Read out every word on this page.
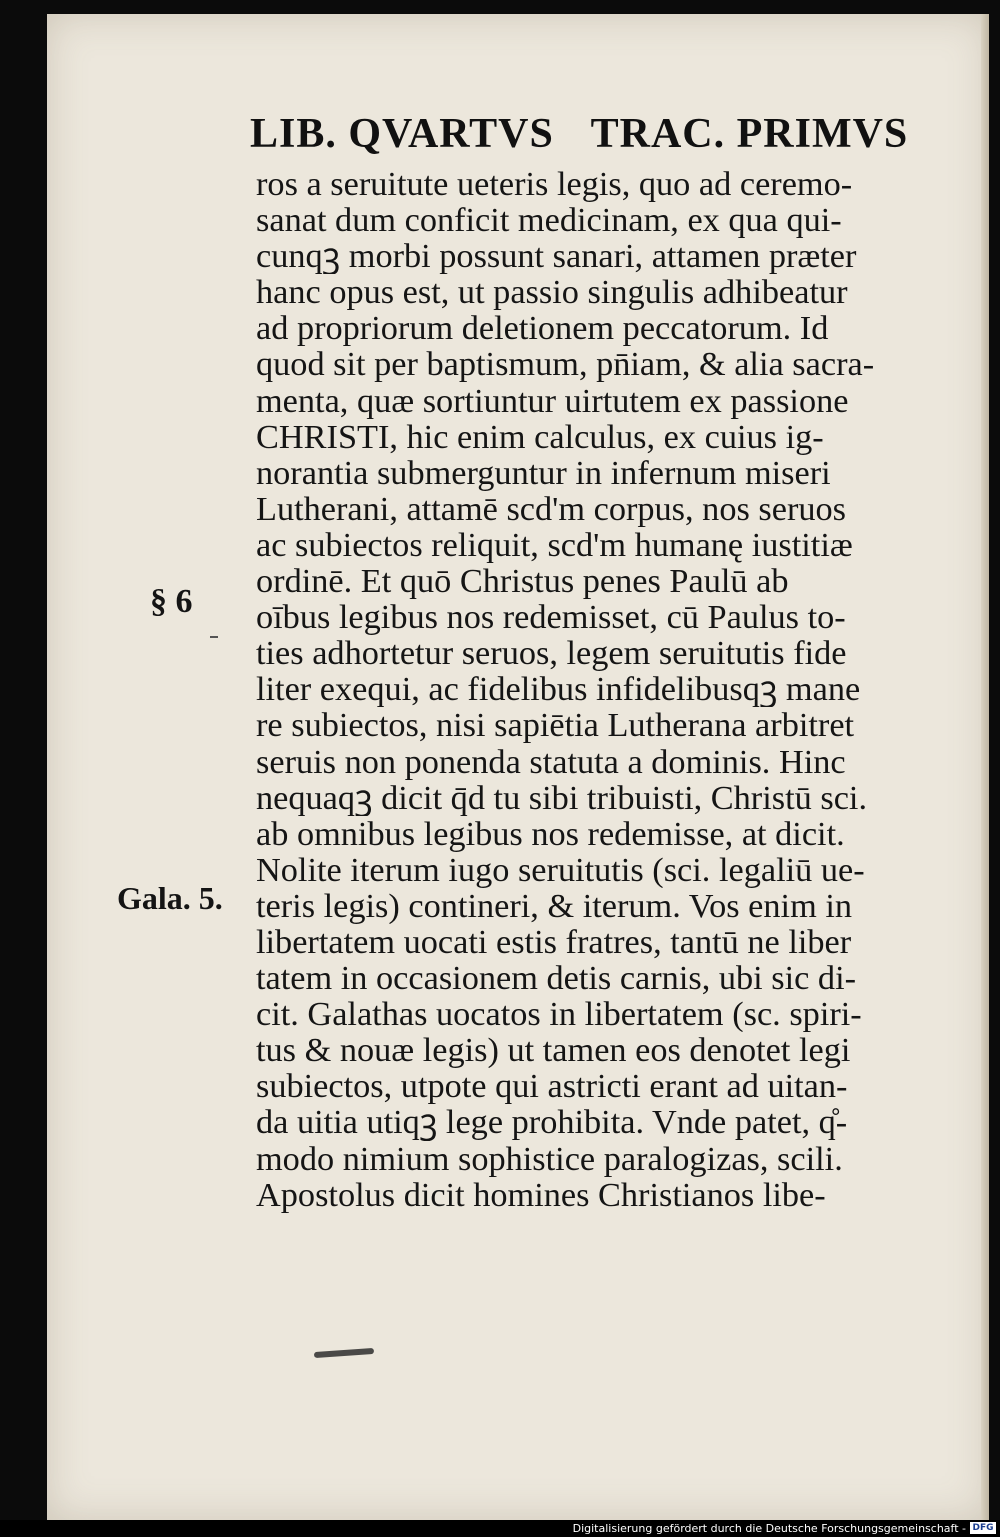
LIB. QVARTVS TRAC. PRIMVS
§ 6
Gala. 5.
ros a seruitute ueteris legis, quo ad ceremo-
sanat dum conficit medicinam, ex qua qui-
cunqꝫ morbi possunt sanari, attamen præter
hanc opus est, ut passio singulis adhibeatur
ad propriorum deletionem peccatorum. Id
quod sit per baptismum, pn̄iam, & alia sacra-
menta, quæ sortiuntur uirtutem ex passione
CHRISTI, hic enim calculus, ex cuius ig-
norantia submerguntur in infernum miseri
Lutherani, attamē scd'm corpus, nos seruos
ac subiectos reliquit, scd'm humanę iustitiæ
ordinē. Et quō Christus penes Paulū ab
oībus legibus nos redemisset, cū Paulus to-
ties adhortetur seruos, legem seruitutis fide
liter exequi, ac fidelibus infidelibusqꝫ mane
re subiectos, nisi sapiētia Lutherana arbitret
seruis non ponenda statuta a dominis. Hinc
nequaqꝫ dicit q̄d tu sibi tribuisti, Christū sci.
ab omnibus legibus nos redemisse, at dicit.
Nolite iterum iugo seruitutis (sci. legaliū ue-
teris legis) contineri, & iterum. Vos enim in
libertatem uocati estis fratres, tantū ne liber
tatem in occasionem detis carnis, ubi sic di-
cit. Galathas uocatos in libertatem (sc. spiri-
tus & nouæ legis) ut tamen eos denotet legi
subiectos, utpote qui astricti erant ad uitan-
da uitia utiqꝫ lege prohibita. Vnde patet, q̊-
modo nimium sophistice paralogizas, scili.
Apostolus dicit homines Christianos libe-
Digitalisierung gefördert durch die Deutsche Forschungsgemeinschaft - DFG
